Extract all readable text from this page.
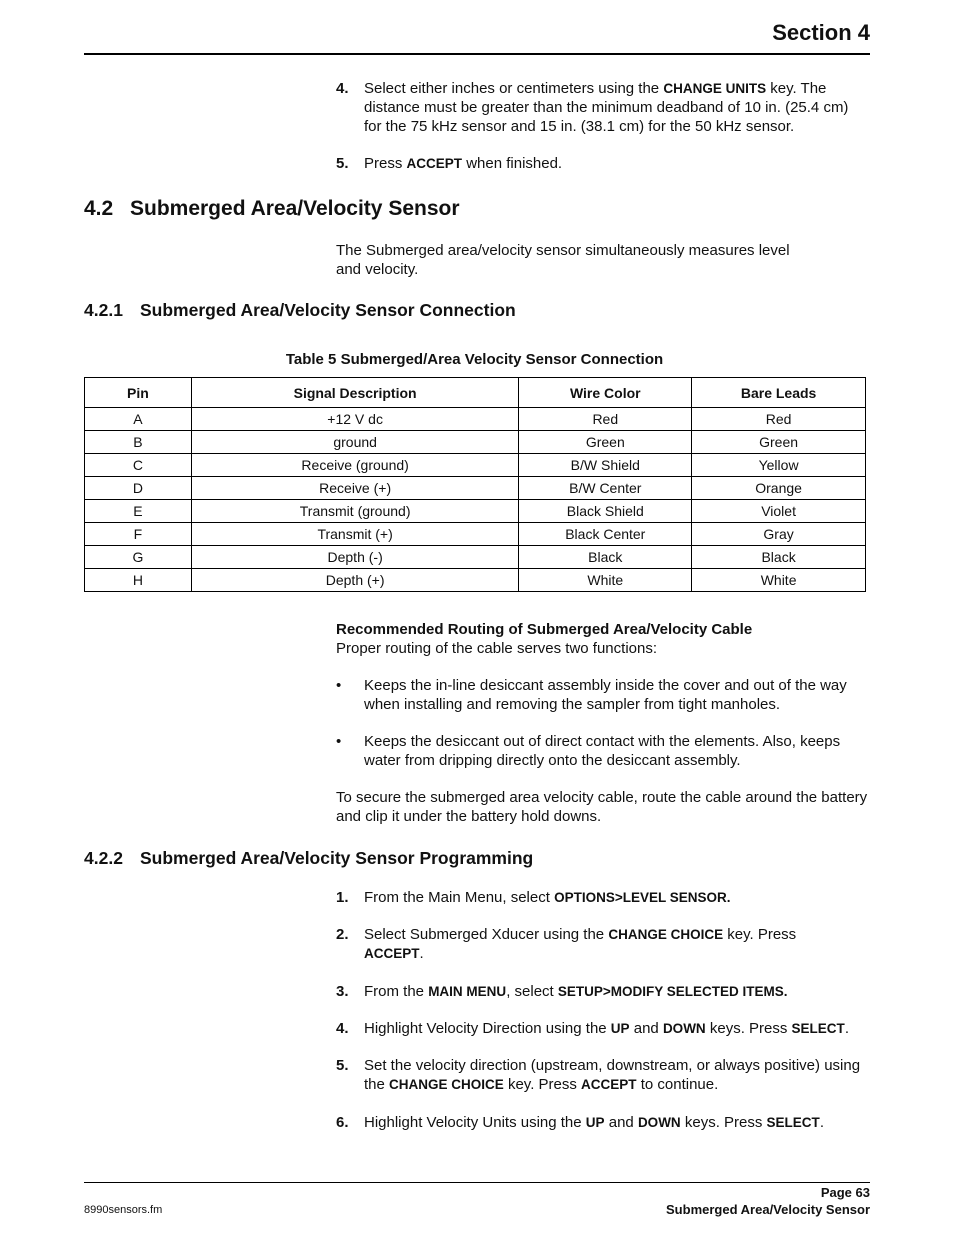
Section 4
4. Select either inches or centimeters using the CHANGE UNITS key. The distance must be greater than the minimum deadband of 10 in. (25.4 cm) for the 75 kHz sensor and 15 in. (38.1 cm) for the 50 kHz sensor.
5. Press ACCEPT when finished.
4.2 Submerged Area/Velocity Sensor
The Submerged area/velocity sensor simultaneously measures level and velocity.
4.2.1 Submerged Area/Velocity Sensor Connection
Table 5 Submerged/Area Velocity Sensor Connection
Pin	Signal Description	Wire Color	Bare Leads
A	+12 V dc	Red	Red
B	ground	Green	Green
C	Receive (ground)	B/W Shield	Yellow
D	Receive (+)	B/W Center	Orange
E	Transmit (ground)	Black Shield	Violet
F	Transmit (+)	Black Center	Gray
G	Depth (-)	Black	Black
H	Depth (+)	White	White
Recommended Routing of Submerged Area/Velocity Cable
Proper routing of the cable serves two functions:
• Keeps the in-line desiccant assembly inside the cover and out of the way when installing and removing the sampler from tight manholes.
• Keeps the desiccant out of direct contact with the elements. Also, keeps water from dripping directly onto the desiccant assembly.
To secure the submerged area velocity cable, route the cable around the battery and clip it under the battery hold downs.
4.2.2 Submerged Area/Velocity Sensor Programming
1. From the Main Menu, select OPTIONS>LEVEL SENSOR.
2. Select Submerged Xducer using the CHANGE CHOICE key. Press
ACCEPT.
3. From the MAIN MENU, select SETUP>MODIFY SELECTED ITEMS.
4. Highlight Velocity Direction using the UP and DOWN keys. Press SELECT.
5. Set the velocity direction (upstream, downstream, or always positive) using the CHANGE CHOICE key. Press ACCEPT to continue.
6. Highlight Velocity Units using the UP and DOWN keys. Press SELECT.
Page 63
Submerged Area/Velocity Sensor
8990sensors.fm
